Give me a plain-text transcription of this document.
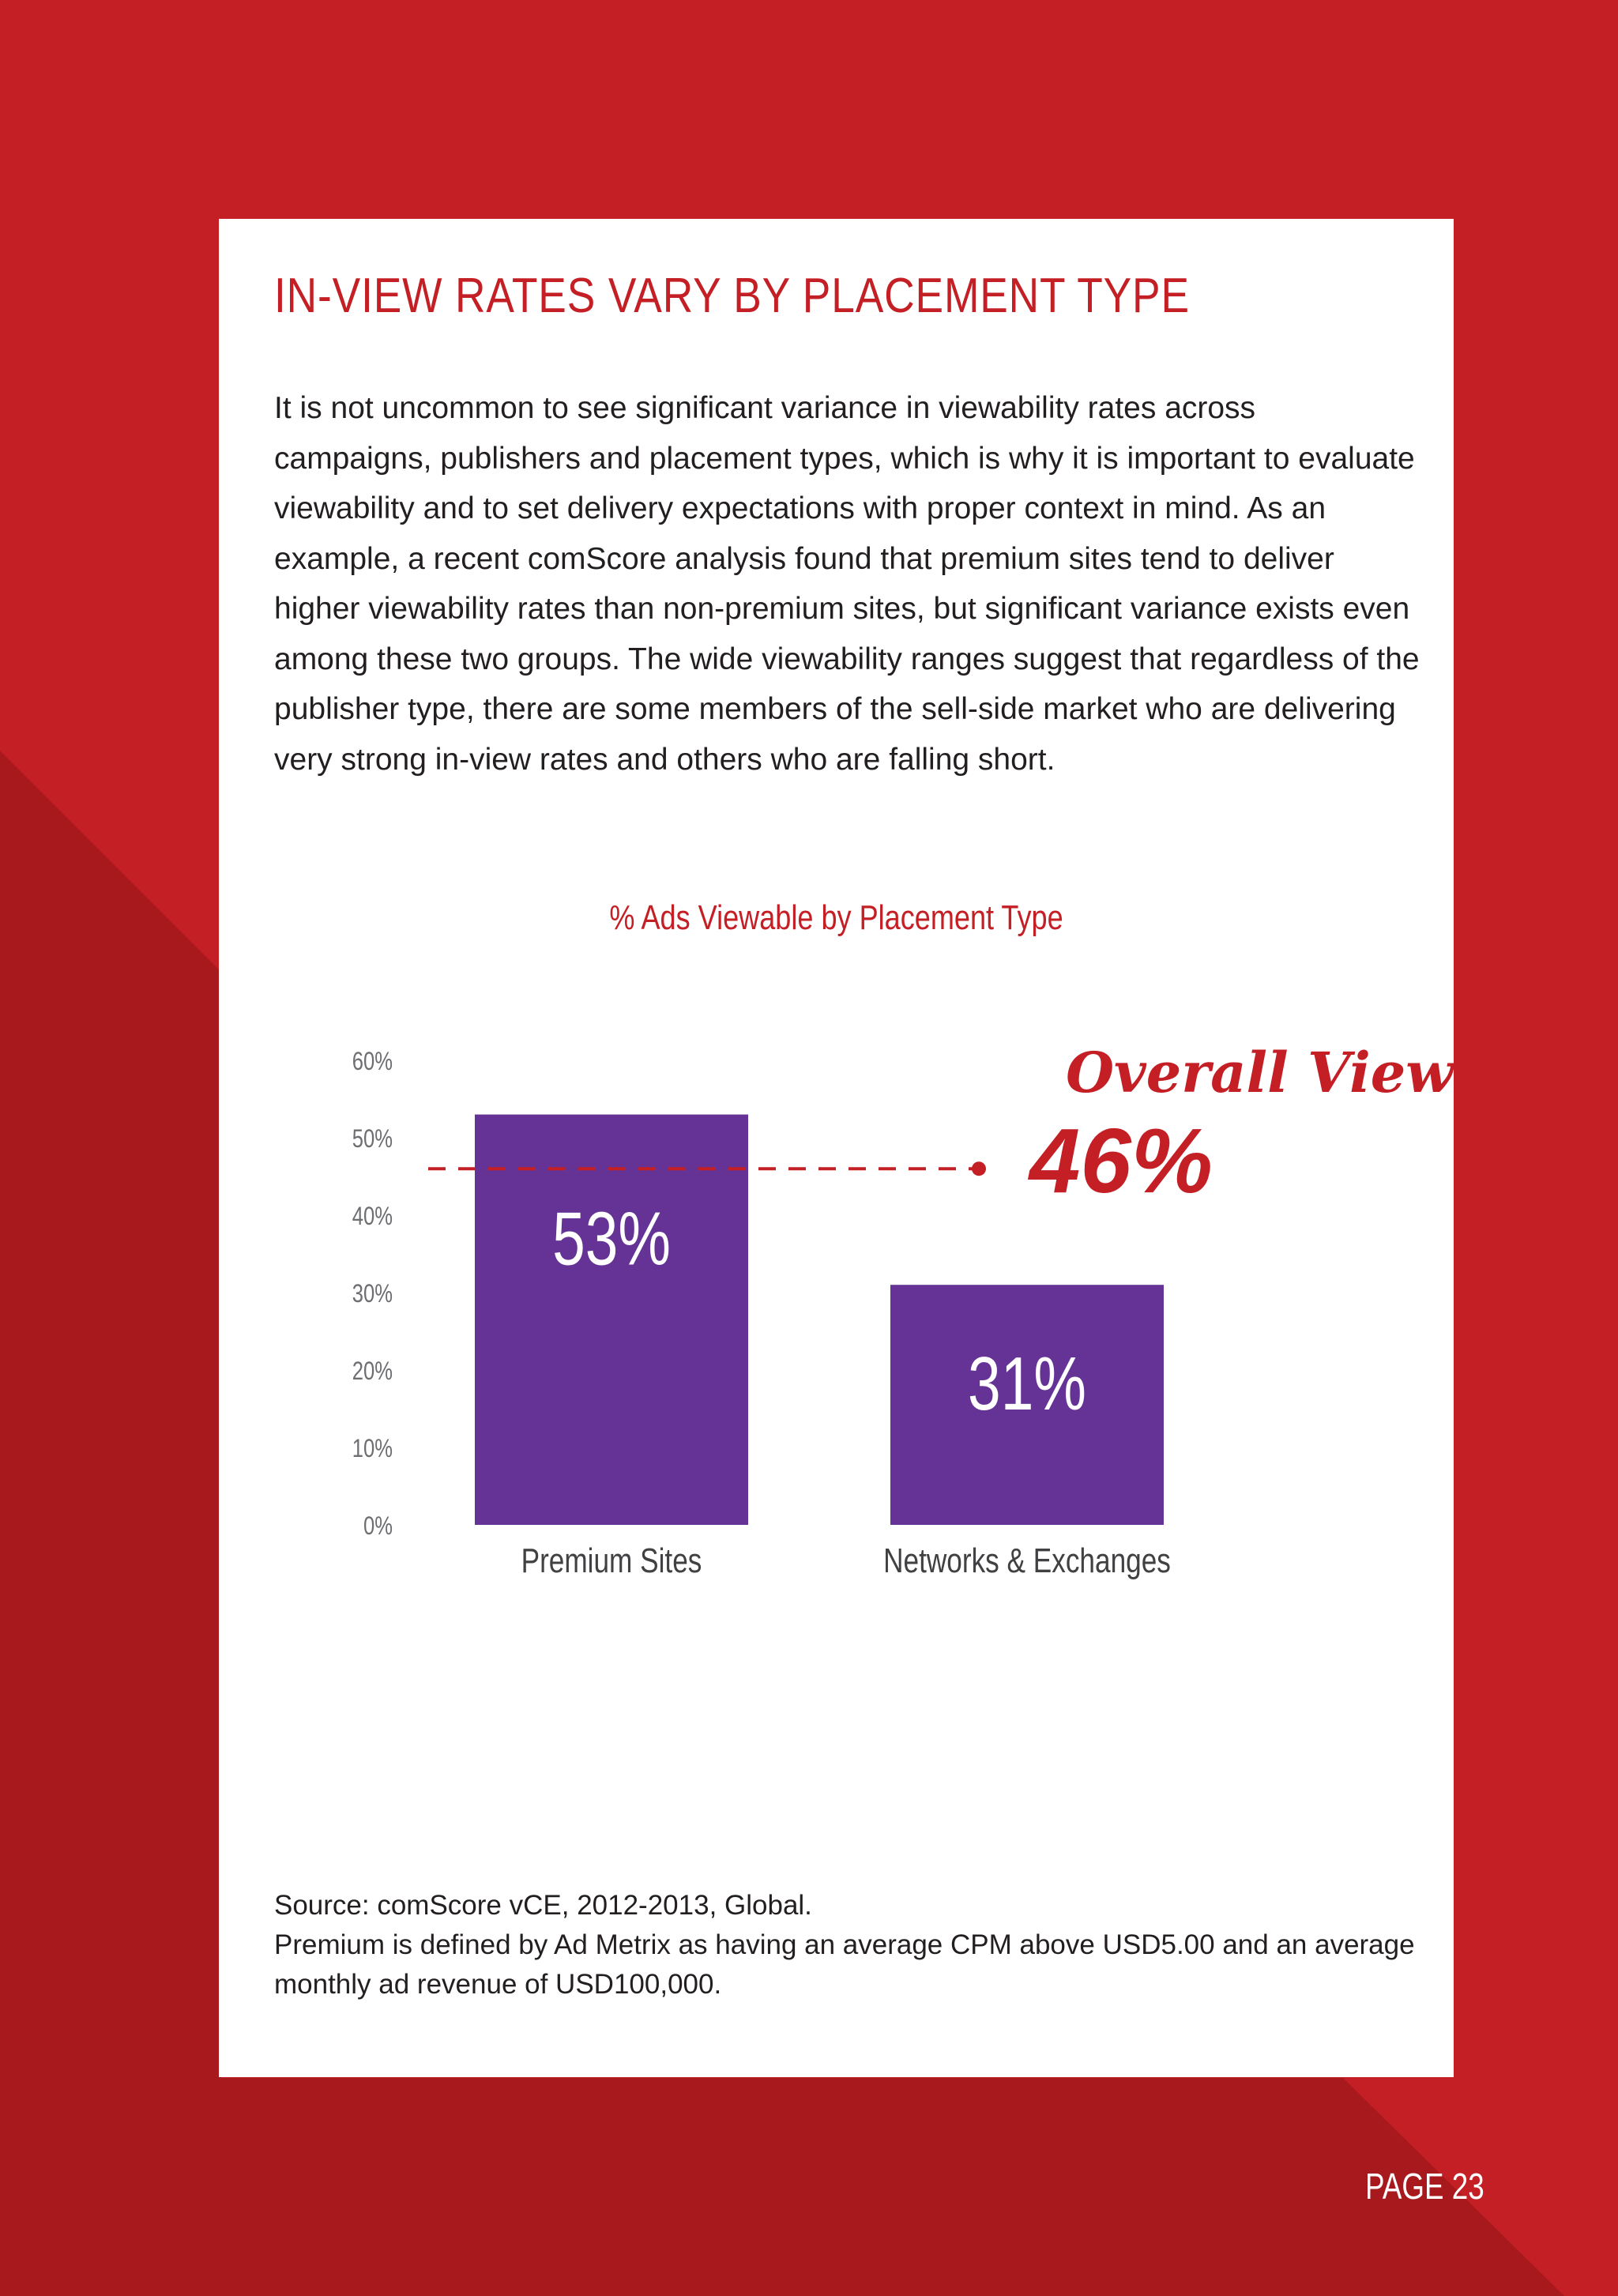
IN-VIEW RATES VARY BY PLACEMENT TYPE

It is not uncommon to see significant variance in viewability rates across campaigns, publishers and placement types, which is why it is important to evaluate viewability and to set delivery expectations with proper context in mind. As an example, a recent comScore analysis found that premium sites tend to deliver higher viewability rates than non-premium sites, but significant variance exists even among these two groups. The wide viewability ranges suggest that regardless of the publisher type, there are some members of the sell-side market who are delivering very strong in-view rates and others who are falling short.

% Ads Viewable by Placement Type
0%
10%
20%
30%
40%
50%
60%
53%
Premium Sites
31%
Networks & Exchanges
Overall Viewable
46%
Source: comScore vCE, 2012-2013, Global.
Premium is defined by Ad Metrix as having an average CPM above USD5.00 and an average monthly ad revenue of USD100,000.
PAGE 23
